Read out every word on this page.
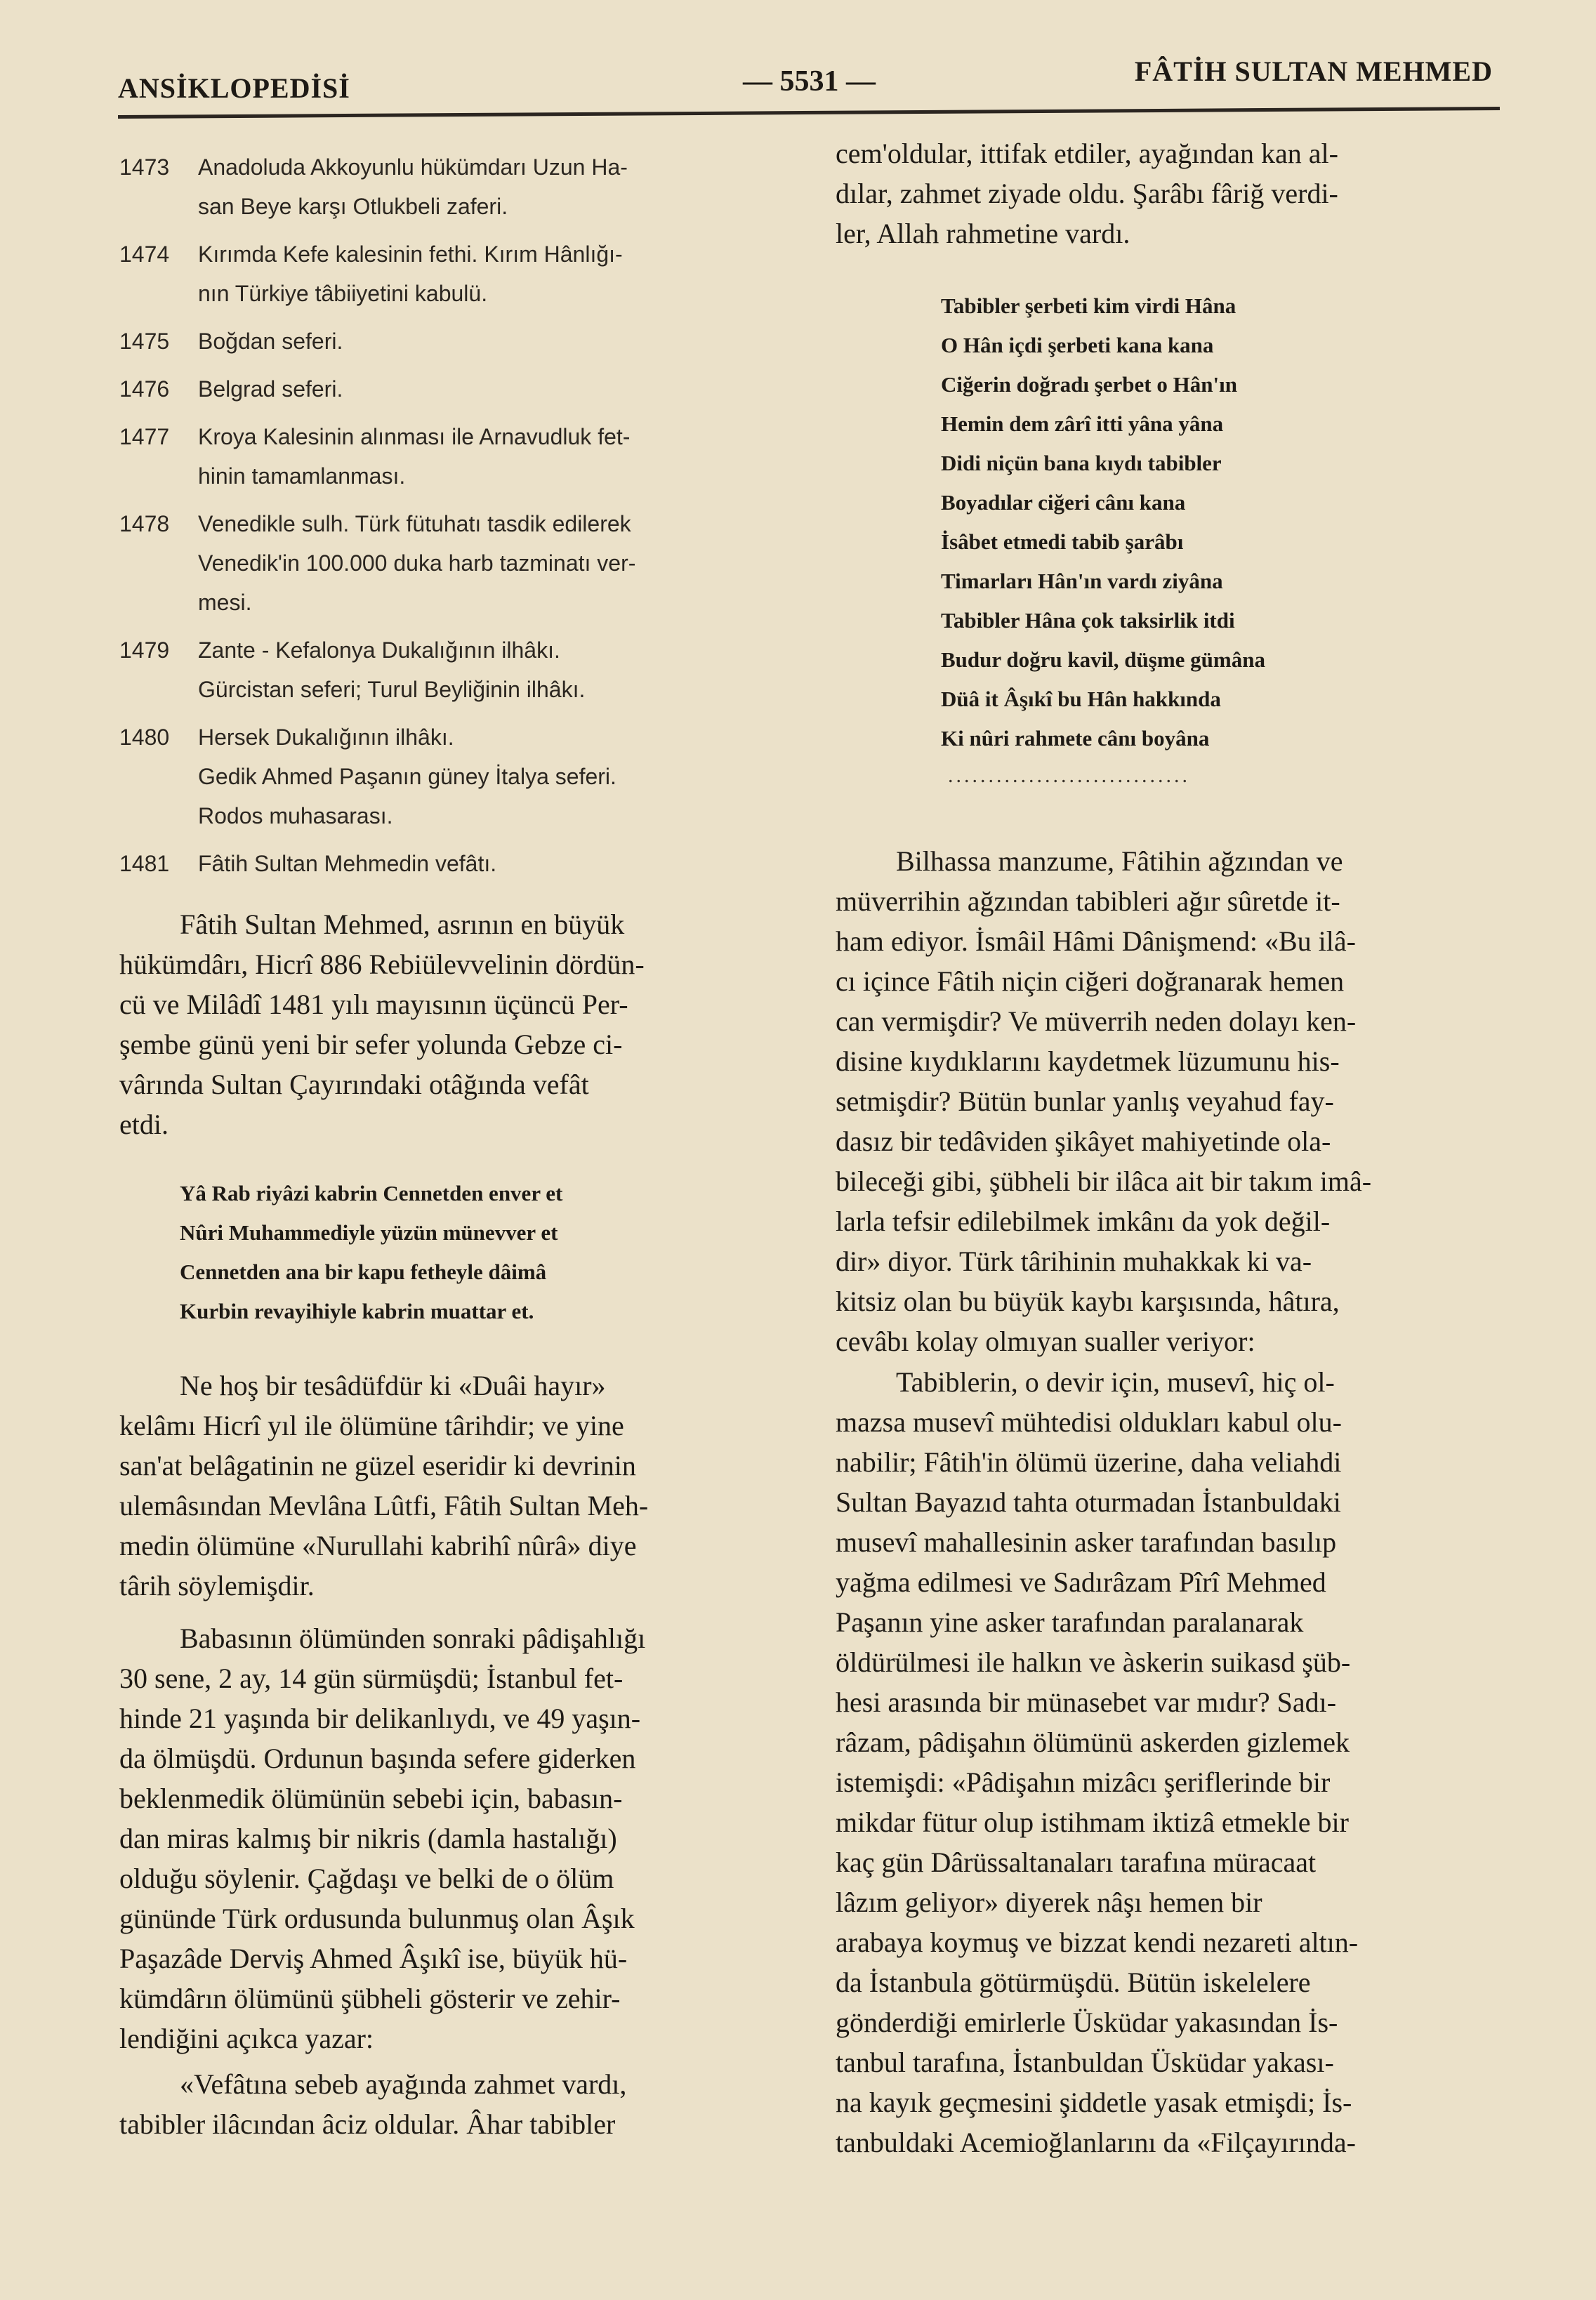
ANSİKLOPEDİSİ	— 5531 —	FÂTİH SULTAN MEHMED
1473	Anadoluda Akkoyunlu hükümdarı Uzun Ha-
san Beye karşı Otlukbeli zaferi.
1474	Kırımda Kefe kalesinin fethi. Kırım Hânlığı-
nın Türkiye tâbiiyetini kabulü.
1475	Boğdan seferi.
1476	Belgrad seferi.
1477	Kroya Kalesinin alınması ile Arnavudluk fet-
hinin tamamlanması.
1478	Venedikle sulh. Türk fütuhatı tasdik edilerek
Venedik'in 100.000 duka harb tazminatı ver-
mesi.
1479	Zante - Kefalonya Dukalığının ilhâkı.
Gürcistan seferi; Turul Beyliğinin ilhâkı.
1480	Hersek Dukalığının ilhâkı.
Gedik Ahmed Paşanın güney İtalya seferi.
Rodos muhasarası.
1481	Fâtih Sultan Mehmedin vefâtı.

Fâtih Sultan Mehmed, asrının en büyük
hükümdârı, Hicrî 886 Rebiülevvelinin dördün-
cü ve Milâdî 1481 yılı mayısının üçüncü Per-
şembe günü yeni bir sefer yolunda Gebze ci-
vârında Sultan Çayırındaki otâğında vefât
etdi.

Yâ Rab riyâzi kabrin Cennetden enver et
Nûri Muhammediyle yüzün münevver et
Cennetden ana bir kapu fetheyle dâimâ
Kurbin revayihiyle kabrin muattar et.

Ne hoş bir tesâdüfdür ki «Duâi hayır»
kelâmı Hicrî yıl ile ölümüne târihdir; ve yine
san'at belâgatinin ne güzel eseridir ki devrinin
ulemâsından Mevlâna Lûtfi, Fâtih Sultan Meh-
medin ölümüne «Nurullahi kabrihî nûrâ» diye
târih söylemişdir.

Babasının ölümünden sonraki pâdişahlığı
30 sene, 2 ay, 14 gün sürmüşdü; İstanbul fet-
hinde 21 yaşında bir delikanlıydı, ve 49 yaşın-
da ölmüşdü. Ordunun başında sefere giderken
beklenmedik ölümünün sebebi için, babasın-
dan miras kalmış bir nikris (damla hastalığı)
olduğu söylenir. Çağdaşı ve belki de o ölüm
gününde Türk ordusunda bulunmuş olan Âşık
Paşazâde Derviş Ahmed Âşıkî ise, büyük hü-
kümdârın ölümünü şübheli gösterir ve zehir-
lendiğini açıkca yazar:

«Vefâtına sebeb ayağında zahmet vardı,
tabibler ilâcından âciz oldular. Âhar tabibler

cem'oldular, ittifak etdiler, ayağından kan al-
dılar, zahmet ziyade oldu. Şarâbı fâriğ verdi-
ler, Allah rahmetine vardı.

Tabibler şerbeti kim virdi Hâna
O Hân içdi şerbeti kana kana
Ciğerin doğradı şerbet o Hân'ın
Hemin dem zârî itti yâna yâna
Didi niçün bana kıydı tabibler
Boyadılar ciğeri cânı kana
İsâbet etmedi tabib şarâbı
Timarları Hân'ın vardı ziyâna
Tabibler Hâna çok taksirlik itdi
Budur doğru kavil, düşme gümâna
Düâ it Âşıkî bu Hân hakkında
Ki nûri rahmete cânı boyâna
..............................

Bilhassa manzume, Fâtihin ağzından ve
müverrihin ağzından tabibleri ağır sûretde it-
ham ediyor. İsmâil Hâmi Dânişmend: «Bu ilâ-
cı içince Fâtih niçin ciğeri doğranarak hemen
can vermişdir? Ve müverrih neden dolayı ken-
disine kıydıklarını kaydetmek lüzumunu his-
setmişdir? Bütün bunlar yanlış veyahud fay-
dasız bir tedâviden şikâyet mahiyetinde ola-
bileceği gibi, şübheli bir ilâca ait bir takım imâ-
larla tefsir edilebilmek imkânı da yok değil-
dir» diyor. Türk târihinin muhakkak ki va-
kitsiz olan bu büyük kaybı karşısında, hâtıra,
cevâbı kolay olmıyan sualler veriyor:

Tabiblerin, o devir için, musevî, hiç ol-
mazsa musevî mühtedisi oldukları kabul olu-
nabilir; Fâtih'in ölümü üzerine, daha veliahdi
Sultan Bayazıd tahta oturmadan İstanbuldaki
musevî mahallesinin asker tarafından basılıp
yağma edilmesi ve Sadırâzam Pîrî Mehmed
Paşanın yine asker tarafından paralanarak
öldürülmesi ile halkın ve àskerin suikasd şüb-
hesi arasında bir münasebet var mıdır? Sadı-
râzam, pâdişahın ölümünü askerden gizlemek
istemişdi: «Pâdişahın mizâcı şeriflerinde bir
mikdar fütur olup istihmam iktizâ etmekle bir
kaç gün Dârüssaltanaları tarafına müracaat
lâzım geliyor» diyerek nâşı hemen bir
arabaya koymuş ve bizzat kendi nezareti altın-
da İstanbula götürmüşdü. Bütün iskelelere
gönderdiği emirlerle Üsküdar yakasından İs-
tanbul tarafına, İstanbuldan Üsküdar yakası-
na kayık geçmesini şiddetle yasak etmişdi; İs-
tanbuldaki Acemioğlanlarını da «Filçayırında-
